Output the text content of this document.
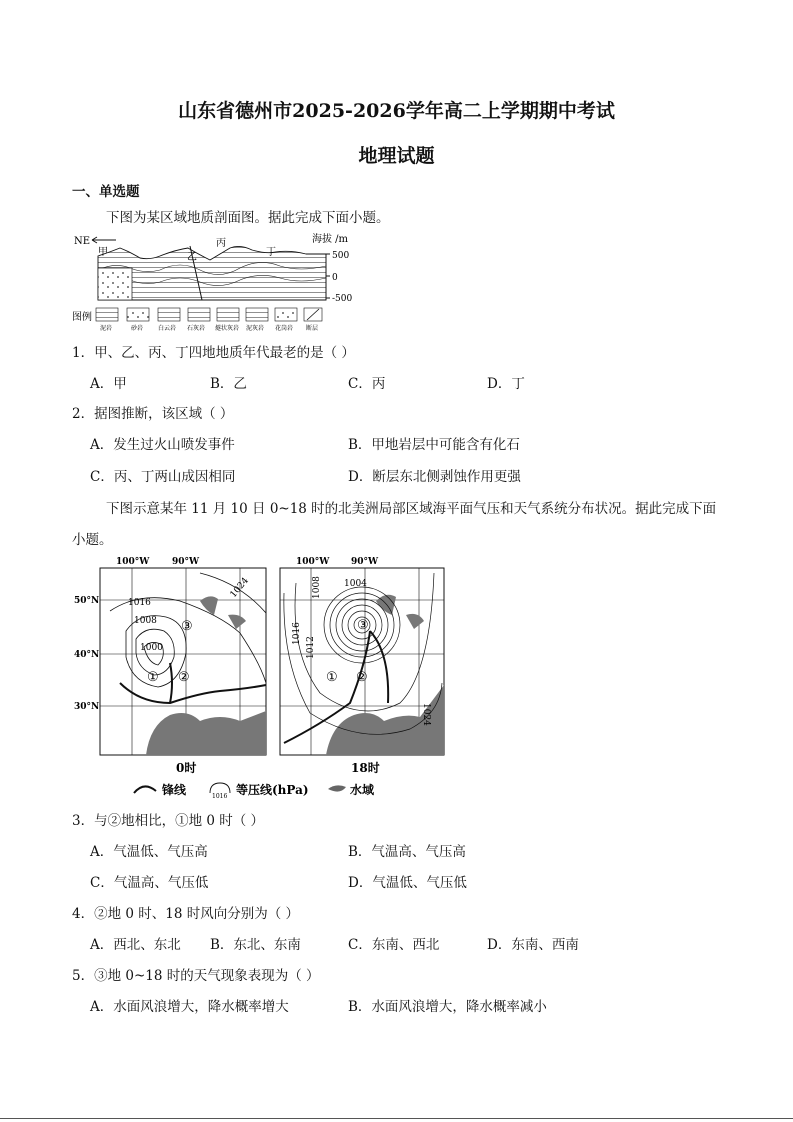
山东省德州市2025-2026学年高二上学期期中考试
地理试题
一、单选题
下图为某区域地质剖面图。据此完成下面小题。
NE	海拔 /m
500
0
-500
甲	乙
丙
丁
图例
泥岩	砂岩 白云岩 石灰岩 燧状灰岩 泥灰岩 花岗岩 断层
1．甲、乙、丙、丁四地地质年代最老的是（ ）
A．甲	B．乙	C．丙	D．丁
2．据图推断，该区域（ ）
A．发生过火山喷发事件	B．甲地岩层中可能含有化石
C．丙、丁两山成因相同	D．断层东北侧剥蚀作用更强
下图示意某年 11 月 10 日 0~18 时的北美洲局部区域海平面气压和天气系统分布状况。据此完成下面
小题。
1016
1008
1000
1024
① ②
③
1004
1008
1016
1012
1024
① ②
③
100°W	90°W	100°W 90°W
50°N
40°N
30°N
0时	18时
锋线	1016 等压线(hPa)	水域
3．与②地相比，①地 0 时（ ）
A．气温低、气压高	B．气温高、气压高
C．气温高、气压低	D．气温低、气压低
4．②地 0 时、18 时风向分别为（ ）
A．西北、东北 B．东北、东南	C．东南、西北	D．东南、西南
5．③地 0~18 时的天气现象表现为（ ）
A．水面风浪增大，降水概率增大	B．水面风浪增大，降水概率减小
